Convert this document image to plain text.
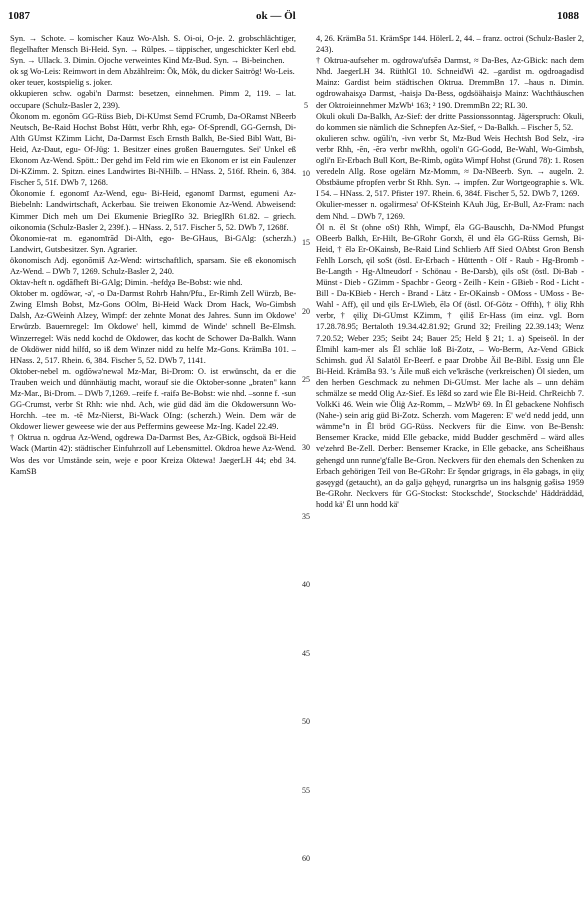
1087	ok — Öl	1088

Syn. → Schote. – komischer Kauz Wo-Alsh. S. Oi-oi, O-je. 2. grobschlächtiger, flegelhafter Mensch Bi-Heid. Syn. → Rülpes. – täppischer, ungeschickter Kerl ebd. Syn. → Ullack. 3. Dimin. Ojoche verweintes Kind Mz-Bud. Syn. → Bi-beinchen.

ok sg Wo-Leis: Reimwort in dem Abzählreim: Ök, Mök, du dicker Saitrög! Wo-Leis.

oker teuer, kostspielig s. joker.

okkupieren schw. ogəbi'n Darmst: besetzen, einnehmen. Pimm 2, 119. – lat. occupare (Schulz-Basler 2, 239).

Ökonom m. egonōm GG-Rüss Bieb, Di-KUmst Semd FCrumb, Da-ORamst NBeerb Neutsch, Be-Raid Hochst Bobst Hütt, verbr Rhh, egə- Of-Sprendl, GG-Gernsh, Di-Alth GUmst KZimm Licht, Da-Darmst Esch Ernsth Balkh, Be-Sied Bibl Watt, Bi-Heid, Az-Daut, egu- Of-Jüg: 1. Besitzer eines großen Bauerngutes. Sei' Unkel eß Ekonom Az-Wend. Spött.: Der gehd im Feld rim wie en Ekonom er ist ein Faulenzer Di-KZimm. 2. Spitzn. eines Landwirtes Bi-NHilb. – HNass. 2, 516f. Rhein. 6, 384. Fischer 5, 51f. DWb 7, 1268.

Ökonomie f. egonomī Az-Wend, egu- Bi-Heid, egənomī Darmst, egumeni Az-Biebelnh: Landwirtschaft, Ackerbau. Sie treiwen Ekonomie Az-Wend. Abweisend: Kimmer Dich meh um Dei Ekumenie BriegIRo 32. BrieglRh 61.82. – griech. oikonomia (Schulz-Basler 2, 239f.). – HNass. 2, 517. Fischer 5, 52. DWb 7, 1268f.

Ökonomie-rat m. egənomīrād Di-Alth, ego- Be-GHaus, Bi-GAlg: (scherzh.) Landwirt, Gutsbesitzer. Syn. Agrarier.

ökonomisch Adj. egonōmiš Az-Wend: wirtschaftlich, sparsam. Sie eß ekonomisch Az-Wend. – DWb 7, 1269. Schulz-Basler 2, 240.

Oktav-heft n. ogdāfheft Bi-GAlg; Dimin. -hefdχə Be-Bobst: wie nhd.

Oktober m. ogdōwər, -ə', -o Da-Darmst Rohrb Hahn/Pfu., Er-Rimh Zell Würzb, Be-Zwing Elmsh Bobst, Mz-Gons OOlm, Bi-Heid Wack Drom Hack, Wo-Gimbsh Dalsh, Az-GWeinh Alzey, Wimpf: der zehnte Monat des Jahres. Sunn im Okdowe' Erwürzb. Bauernregel: Im Okdowe' hell, kimmd de Winde' schnell Be-Elmsh. Winzerregel: Wäs nedd kochd de Okdower, das kocht de Schower Da-Balkh. Wann de Okdöwer nidd hilfd, so iß dem Winzer nidd zu helfe Mz-Gons. KrämBa 101. – HNass. 2, 517. Rhein. 6, 384. Fischer 5, 52. DWb 7, 1141.

Oktober-nebel m. ogdōwə'newəl Mz-Mar, Bi-Drom: O. ist erwünscht, da er die Trauben weich und dünnhäutig macht, worauf sie die Oktober-sonne „braten" kann Mz-Mar., Bi-Drom. – DWb 7,1269. –reife f. -raifə Be-Bobst: wie nhd. –sonne f. -sun GG-Crumst, verbr St Rhh: wie nhd. Ach, wie güd däd äm die Okdowersunn Wo-Horchh. –tee m. -tē Mz-Nierst, Bi-Wack OIng: (scherzh.) Wein. Dem wär de Okdower liewer geweese wie der aus Peffermins geweese Mz-Ing. Kadel 22.49.

† Oktrua n. ogdrua Az-Wend, ogdrewa Da-Darmst Bes, Az-GBick, ogdsoä Bi-Heid Wack (Martin 42): städtischer Einfuhrzoll auf Lebensmittel. Okdroa hewe Az-Wend. Wos des vor Umstände sein, weje e poor Kreiza Oktewa! JaegerLH 44; ebd 34. KamSB

5
10
15
20
25
30
35
40
45
50
55
60

4, 26. KrämBa 51. KrämSpr 144. HölerL 2, 44. – franz. octroi (Schulz-Basler 2, 243).

† Oktrua-aufseher m. ogdrowa'ufsēə Darmst, ≈ Da-Bes, Az-GBick: nach dem Nhd. JaegerLH 34. RüthlGl 10. SchneidWi 42. –gardist m. ogdroagadisd Mainz: Gardist beim städtischen Oktrua. DremmBn 17. –haus n. Dimin. ogdrowahaisχə Darmst, -haisjə Da-Bess, ogdsöähaisjə Mainz: Wachthäuschen der Oktroieinnehmer MzWb¹ 163; ² 190. DremmBn 22; RL 30.

Okuli okuli Da-Balkh, Az-Sief: der dritte Passionssonntag. Jägerspruch: Okuli, do kommen sie nämlich die Schnepfen Az-Sief, ~ Da-Balkh. – Fischer 5, 52.

okulieren schw. ogūli'n, -ivn verbr St, Mz-Bud Weis Hechtsh Bod Selz, -irə verbr Rhh, -ēn, -ērə verbr nwRhh, ogoli'n GG-Godd, Be-Wahl, Wo-Gimbsh, ogli'n Er-Erbach Bull Kort, Be-Rimb, ogütə Wimpf Hohst (Grund 78): 1. Rosen veredeln Allg. Rose ogelärn Mz-Momm, ≈ Da-NBeerb. Syn. → augeln. 2. Obstbäume pfropfen verbr St Rhh. Syn. → impfen. Zur Wortgeographie s. Wk. I 54. – HNass. 2, 517. Pfister 197. Rhein. 6, 384f. Fischer 5, 52. DWb 7, 1269.

Okulier-messer n. ogəlirmesə' Of-KSteinh KAuh Jüg, Er-Bull, Az-Fram: nach dem Nhd. – DWb 7, 1269.

Öl n. ēl St (ohne oSt) Rhh, Wimpf, ēlə GG-Bauschh, Da-NMod Pfungst OBeerb Balkh, Er-Hilt, Be-GRohr Gorxh, ēl und ēlə GG-Rüss Gernsh, Bi-Heid, † ēlə Er-OKainsb, Be-Raid Lind Schlierb Aff Sied OAbtst Gron Bensh Fehlh Lorsch, ęil soSt (östl. Er-Erbach - Hüttenth - Olf - Raub - Hg-Bromb - Be-Langth - Hg-Altneudorf - Schönau - Be-Darsb), ęils oSt (östl. Di-Bab - Münst - Dieb - GZimm - Spachbr - Georg - Zeilh - Kein - GBieb - Rod - Licht - Bill - Da-KBieb - Herch - Brand - Lätz - Er-OKainsb - OMoss - UMoss - Be-Wahl - Aff), ęil und ęils Er-LWieb, ēlə Of (östl. Of-Götz - Offth), † öliχ Rhh verbr, † ęiliχ Di-GUmst KZimm, † ęiliš Er-Hass (im einz. vgl. Born 17.28.78.95; Bertaloth 19.34.42.81.92; Grund 32; Freiling 22.39.143; Wenz 7.20.52; Weber 235; Seibt 24; Bauer 25; Held § 21; 1. a) Speiseöl. In der Ēlmihl kam-mer als Ēl schläe loß Bi-Zotz, – Wo-Berm, Az-Vend GBick Schimsh. gud Äl Salatöl Er-Beerf. e paar Drobbe Äil Be-Bibl. Essig unn Ēle Bi-Heid. KrämBa 93. 's Äile muß eich ve'kräsche (verkreischen) Öl sieden, um den herben Geschmack zu nehmen Di-GUmst. Mer lache als – unn dehäm schmälze se medd Olig Az-Sief. Es lēßd so zard wie Ēle Bi-Heid. ChrReichb 7. VolkKi 46. Wein wie Öliġ Az-Romm, – MzWb² 69. In Ēl gebackene Nohfisch (Nahe-) sein arig güd Bi-Zotz. Scherzh. vom Mageren: E' we'd nedd jedd, unn wämme''n in Ēl bröd GG-Rüss. Neckvers für die Einw. von Be-Bensh: Bensemer Kracke, midd Elle gebacke, midd Budder geschmērd – wärd alles ve'zehrd Be-Zell. Derber: Bensemer Kracke, in Elle gebacke, ans Scheißhaus gehengd unn runne'g'falle Be-Gron. Neckvers für den ehemals den Schenken zu Erbach gehörigen Teil von Be-GRohr: Er šęndər grigrags, in ēlə gəbags, in ęiiχ gəsęygd (getaucht), an də galjə gęhęyd, runərgrīsə un ins halsgnig gəšisə 1959 Be-GRohr. Neckvers für GG-Stockst: Stockschde', Stockschde' Häddräddäd, hodd kä' Ēl unn hodd kä'
